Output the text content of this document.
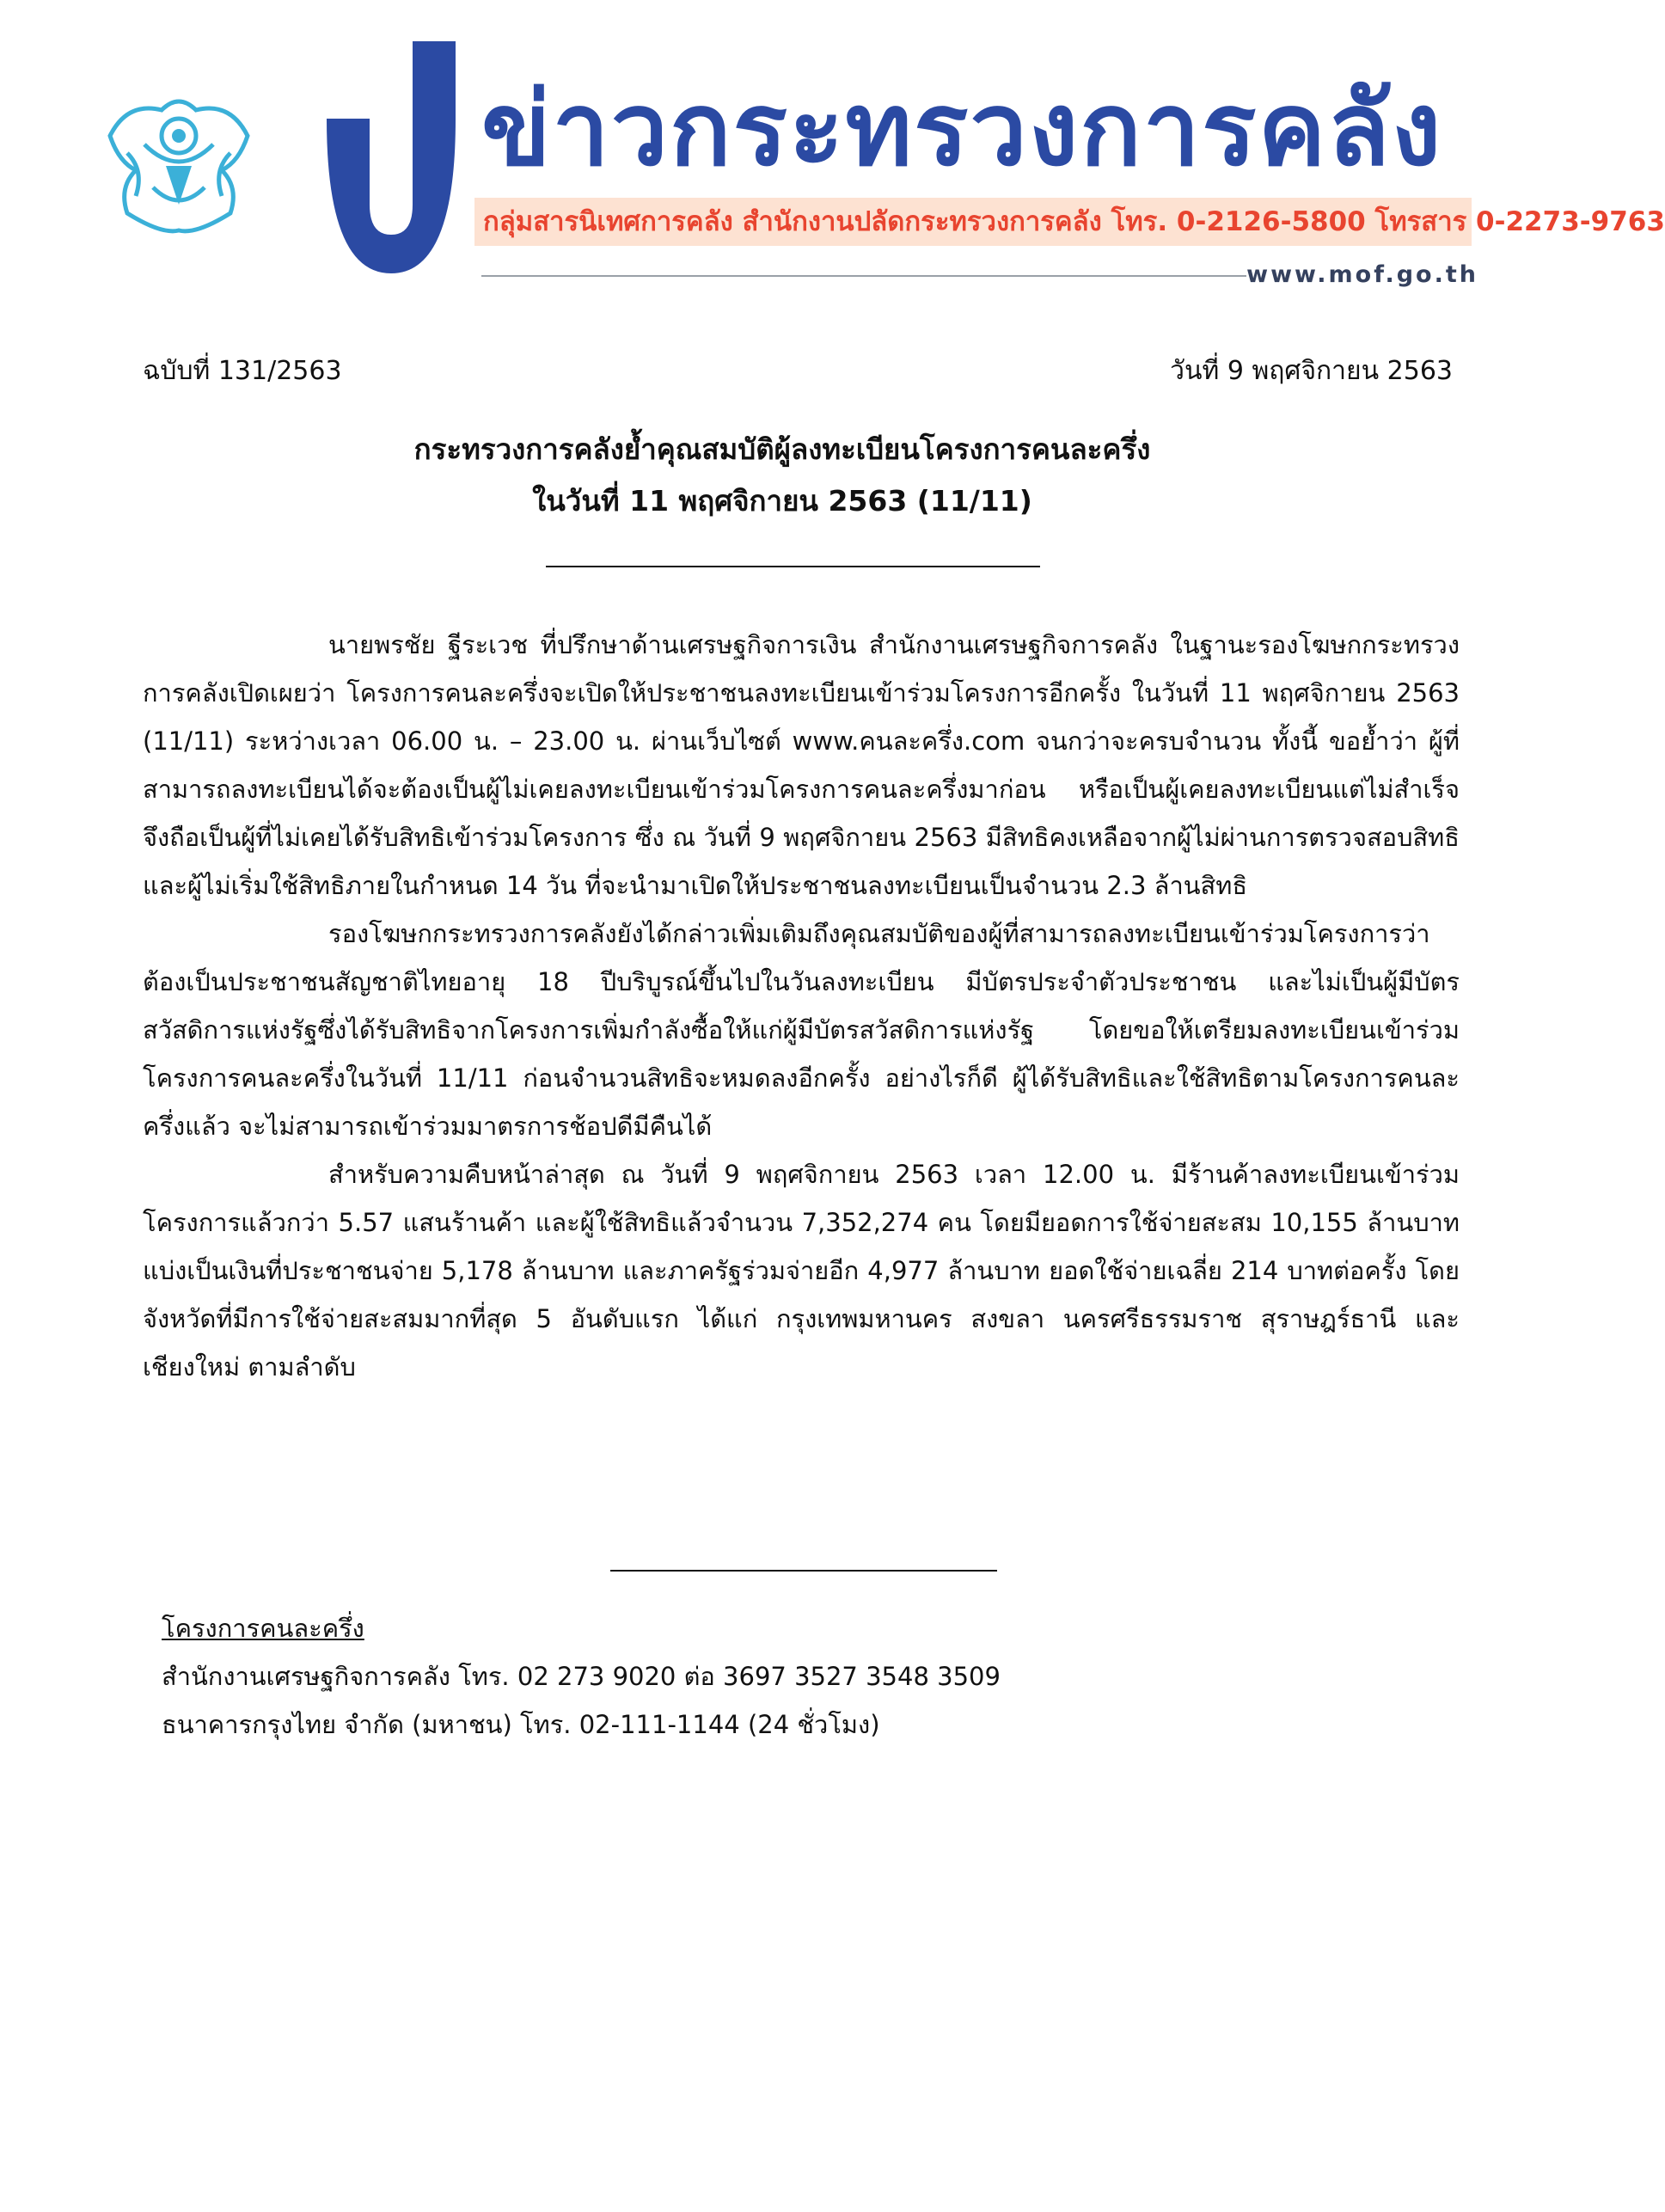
ข่าวกระทรวงการคลัง
กลุ่มสารนิเทศการคลัง สำนักงานปลัดกระทรวงการคลัง โทร. 0-2126-5800 โทรสาร 0-2273-9763
www.mof.go.th
ฉบับที่ 131/2563	วันที่ 9 พฤศจิกายน 2563
กระทรวงการคลังย้ำคุณสมบัติผู้ลงทะเบียนโครงการคนละครึ่ง
ในวันที่ 11 พฤศจิกายน 2563 (11/11)

นายพรชัย ฐีระเวช ที่ปรึกษาด้านเศรษฐกิจการเงิน สำนักงานเศรษฐกิจการคลัง ในฐานะรองโฆษกกระทรวงการคลังเปิดเผยว่า โครงการคนละครึ่งจะเปิดให้ประชาชนลงทะเบียนเข้าร่วมโครงการอีกครั้ง ในวันที่ 11 พฤศจิกายน 2563 (11/11) ระหว่างเวลา 06.00 น. – 23.00 น. ผ่านเว็บไซต์ www.คนละครึ่ง.com จนกว่าจะครบจำนวน ทั้งนี้ ขอย้ำว่า ผู้ที่สามารถลงทะเบียนได้จะต้องเป็นผู้ไม่เคยลงทะเบียนเข้าร่วมโครงการคนละครึ่งมาก่อน หรือเป็นผู้เคยลงทะเบียนแต่ไม่สำเร็จจึงถือเป็นผู้ที่ไม่เคยได้รับสิทธิเข้าร่วมโครงการ ซึ่ง ณ วันที่ 9 พฤศจิกายน 2563 มีสิทธิคงเหลือจากผู้ไม่ผ่านการตรวจสอบสิทธิและผู้ไม่เริ่มใช้สิทธิภายในกำหนด 14 วัน ที่จะนำมาเปิดให้ประชาชนลงทะเบียนเป็นจำนวน 2.3 ล้านสิทธิ

รองโฆษกกระทรวงการคลังยังได้กล่าวเพิ่มเติมถึงคุณสมบัติของผู้ที่สามารถลงทะเบียนเข้าร่วมโครงการว่าต้องเป็นประชาชนสัญชาติไทยอายุ 18 ปีบริบูรณ์ขึ้นไปในวันลงทะเบียน มีบัตรประจำตัวประชาชน และไม่เป็นผู้มีบัตรสวัสดิการแห่งรัฐซึ่งได้รับสิทธิจากโครงการเพิ่มกำลังซื้อให้แก่ผู้มีบัตรสวัสดิการแห่งรัฐ โดยขอให้เตรียมลงทะเบียนเข้าร่วมโครงการคนละครึ่งในวันที่ 11/11 ก่อนจำนวนสิทธิจะหมดลงอีกครั้ง อย่างไรก็ดี ผู้ได้รับสิทธิและใช้สิทธิตามโครงการคนละครึ่งแล้ว จะไม่สามารถเข้าร่วมมาตรการช้อปดีมีคืนได้

สำหรับความคืบหน้าล่าสุด ณ วันที่ 9 พฤศจิกายน 2563 เวลา 12.00 น. มีร้านค้าลงทะเบียนเข้าร่วมโครงการแล้วกว่า 5.57 แสนร้านค้า และผู้ใช้สิทธิแล้วจำนวน 7,352,274 คน โดยมียอดการใช้จ่ายสะสม 10,155 ล้านบาท แบ่งเป็นเงินที่ประชาชนจ่าย 5,178 ล้านบาท และภาครัฐร่วมจ่ายอีก 4,977 ล้านบาท ยอดใช้จ่ายเฉลี่ย 214 บาทต่อครั้ง โดยจังหวัดที่มีการใช้จ่ายสะสมมากที่สุด 5 อันดับแรก ได้แก่ กรุงเทพมหานคร สงขลา นครศรีธรรมราช สุราษฎร์ธานี และเชียงใหม่ ตามลำดับ

โครงการคนละครึ่ง
สำนักงานเศรษฐกิจการคลัง โทร. 02 273 9020 ต่อ 3697 3527 3548 3509
ธนาคารกรุงไทย จำกัด (มหาชน) โทร. 02-111-1144 (24 ชั่วโมง)
